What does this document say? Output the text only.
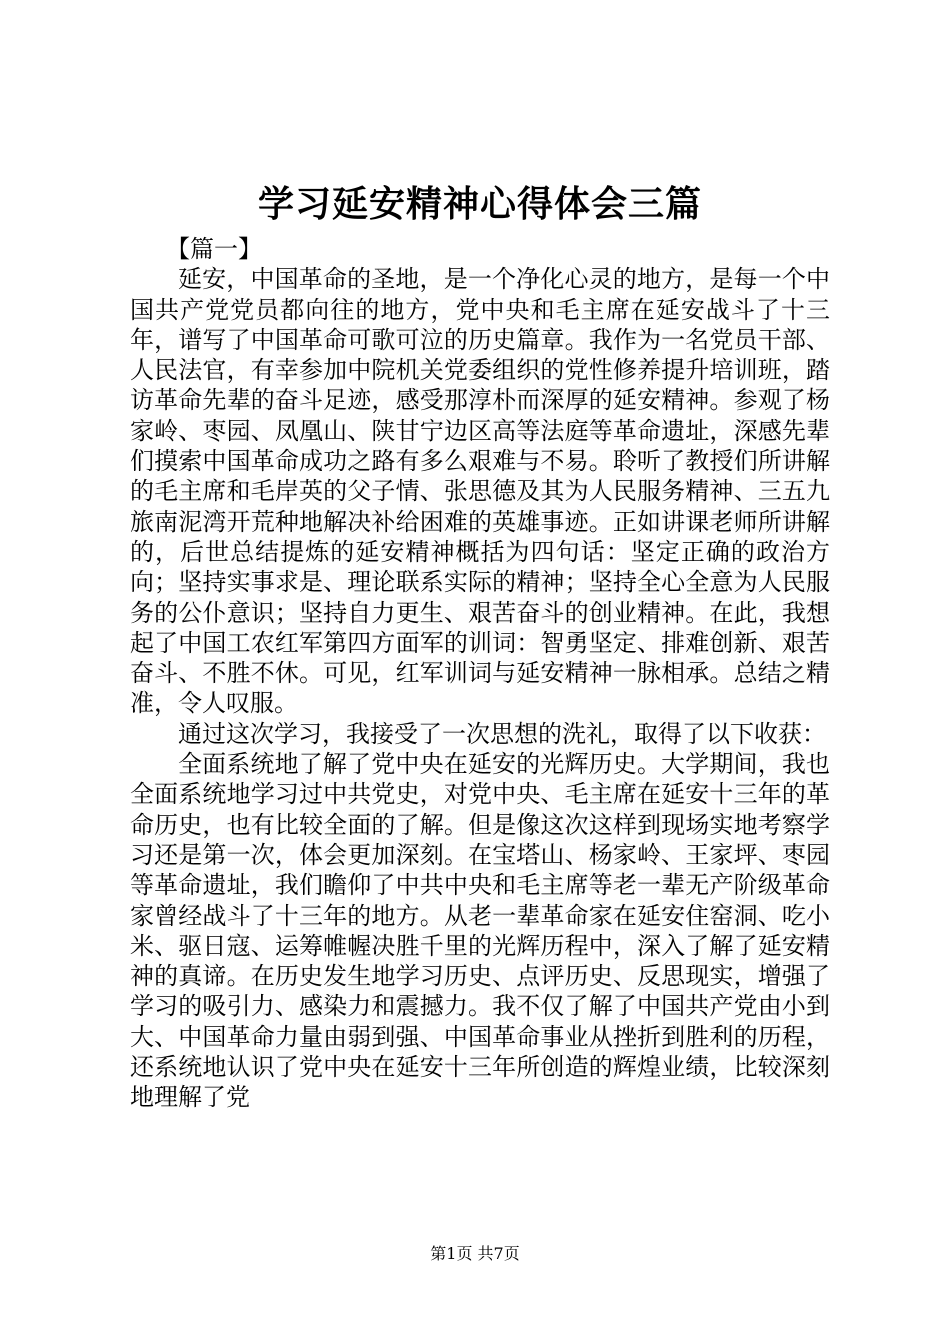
学习延安精神心得体会三篇

【篇一】

延安，中国革命的圣地，是一个净化心灵的地方，是每一个中国共产党党员都向往的地方，党中央和毛主席在延安战斗了十三年，谱写了中国革命可歌可泣的历史篇章。我作为一名党员干部、人民法官，有幸参加中院机关党委组织的党性修养提升培训班，踏访革命先辈的奋斗足迹，感受那淳朴而深厚的延安精神。参观了杨家岭、枣园、凤凰山、陕甘宁边区高等法庭等革命遗址，深感先辈们摸索中国革命成功之路有多么艰难与不易。聆听了教授们所讲解的毛主席和毛岸英的父子情、张思德及其为人民服务精神、三五九旅南泥湾开荒种地解决补给困难的英雄事迹。正如讲课老师所讲解的，后世总结提炼的延安精神概括为四句话：坚定正确的政治方向；坚持实事求是、理论联系实际的精神；坚持全心全意为人民服务的公仆意识；坚持自力更生、艰苦奋斗的创业精神。在此，我想起了中国工农红军第四方面军的训词：智勇坚定、排难创新、艰苦奋斗、不胜不休。可见，红军训词与延安精神一脉相承。总结之精准，令人叹服。

通过这次学习，我接受了一次思想的洗礼，取得了以下收获：

全面系统地了解了党中央在延安的光辉历史。大学期间，我也全面系统地学习过中共党史，对党中央、毛主席在延安十三年的革命历史，也有比较全面的了解。但是像这次这样到现场实地考察学习还是第一次，体会更加深刻。在宝塔山、杨家岭、王家坪、枣园等革命遗址，我们瞻仰了中共中央和毛主席等老一辈无产阶级革命家曾经战斗了十三年的地方。从老一辈革命家在延安住窑洞、吃小米、驱日寇、运筹帷幄决胜千里的光辉历程中，深入了解了延安精神的真谛。在历史发生地学习历史、点评历史、反思现实，增强了学习的吸引力、感染力和震撼力。我不仅了解了中国共产党由小到大、中国革命力量由弱到强、中国革命事业从挫折到胜利的历程，还系统地认识了党中央在延安十三年所创造的辉煌业绩，比较深刻地理解了党

第1页 共7页
